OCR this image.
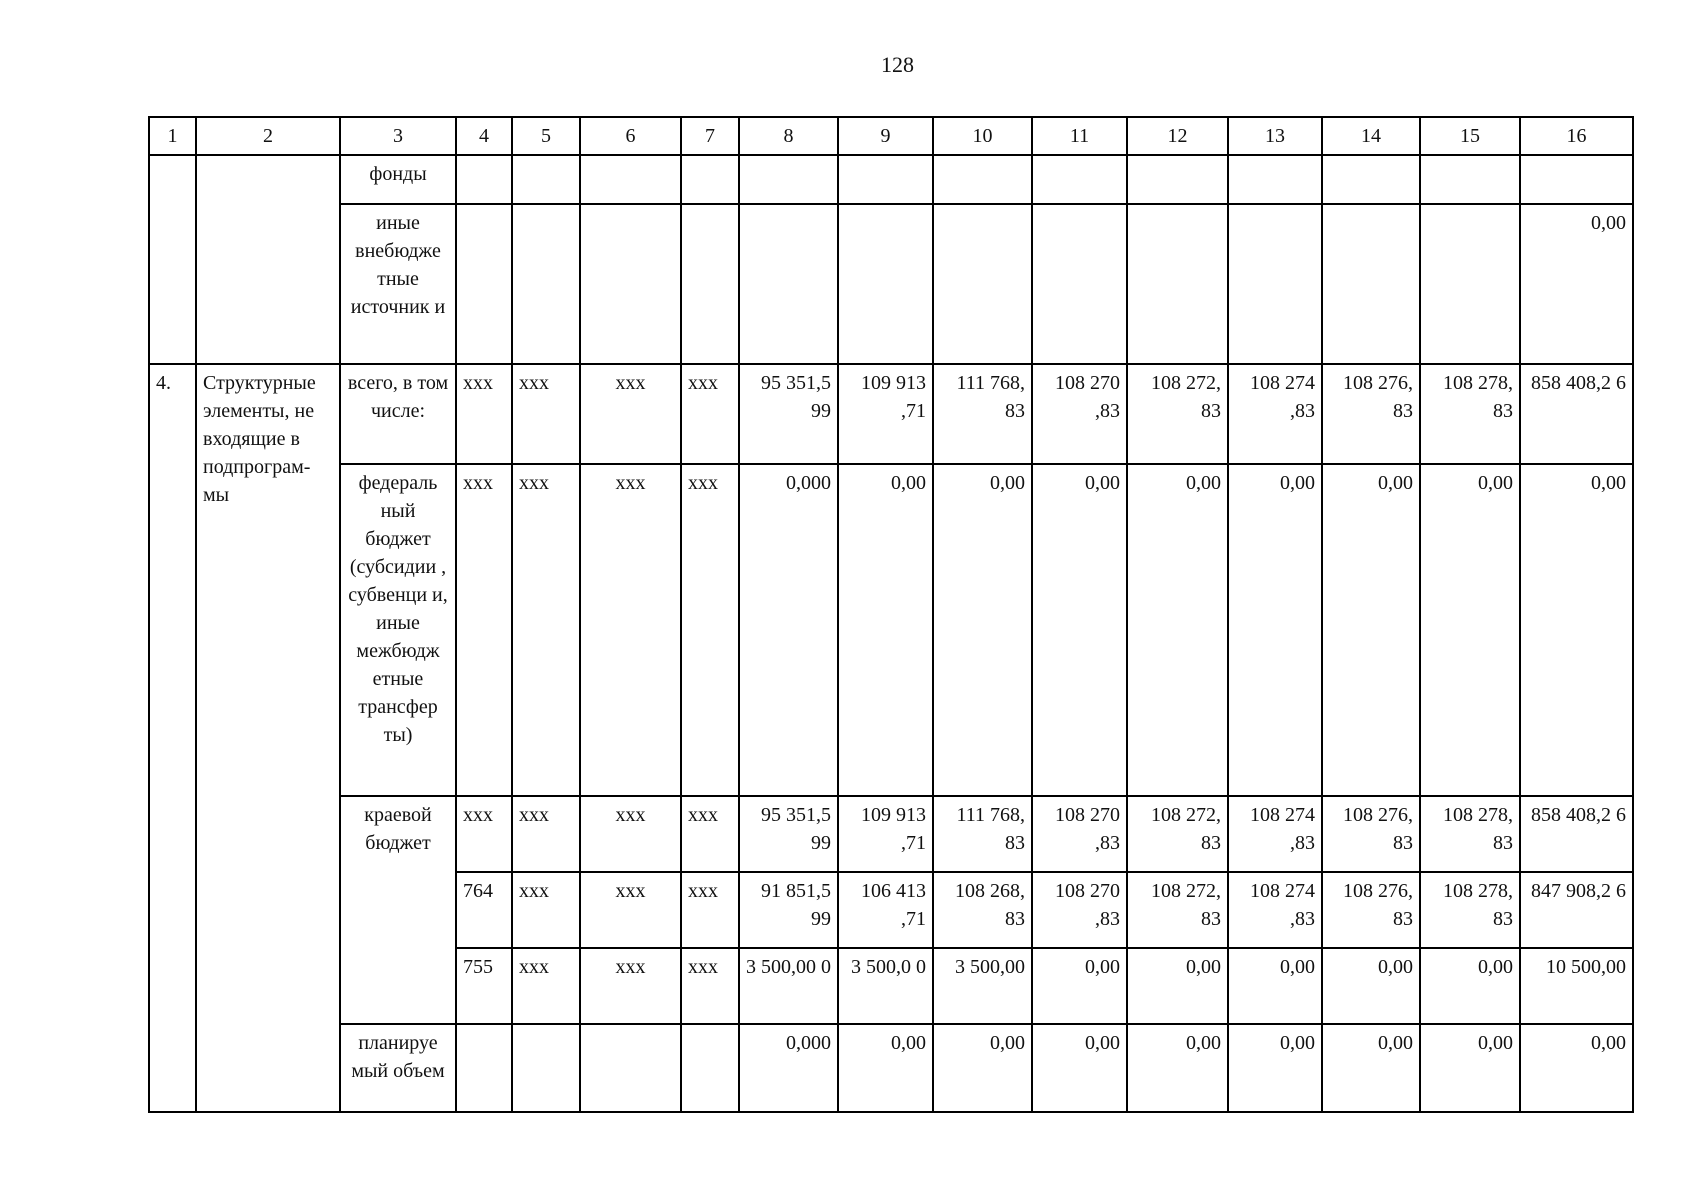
128
1	2	3	4	5	6	7	8	9	10	11	12	13	14	15	16
		фонды													
		иные внебюдже тные источник и													0,00
4.	Структурные элементы, не входящие в подпрограм-мы	всего, в том числе:	ххх	ххх	ххх	ххх	95 351,5 99	109 913 ,71	111 768, 83	108 270 ,83	108 272, 83	108 274 ,83	108 276, 83	108 278, 83	858 408,2 6
		федераль ный бюджет (субсидии , субвенци и, иные межбюдж етные трансфер ты)	ххх	ххх	ххх	ххх	0,000	0,00	0,00	0,00	0,00	0,00	0,00	0,00	0,00
		краевой бюджет	ххх	ххх	ххх	ххх	95 351,5 99	109 913 ,71	111 768, 83	108 270 ,83	108 272, 83	108 274 ,83	108 276, 83	108 278, 83	858 408,2 6
			764	ххх	ххх	ххх	91 851,5 99	106 413 ,71	108 268, 83	108 270 ,83	108 272, 83	108 274 ,83	108 276, 83	108 278, 83	847 908,2 6
			755	ххх	ххх	ххх	3 500,00 0	3 500,0 0	3 500,00	0,00	0,00	0,00	0,00	0,00	10 500,00
		планируе мый объем					0,000	0,00	0,00	0,00	0,00	0,00	0,00	0,00	0,00
